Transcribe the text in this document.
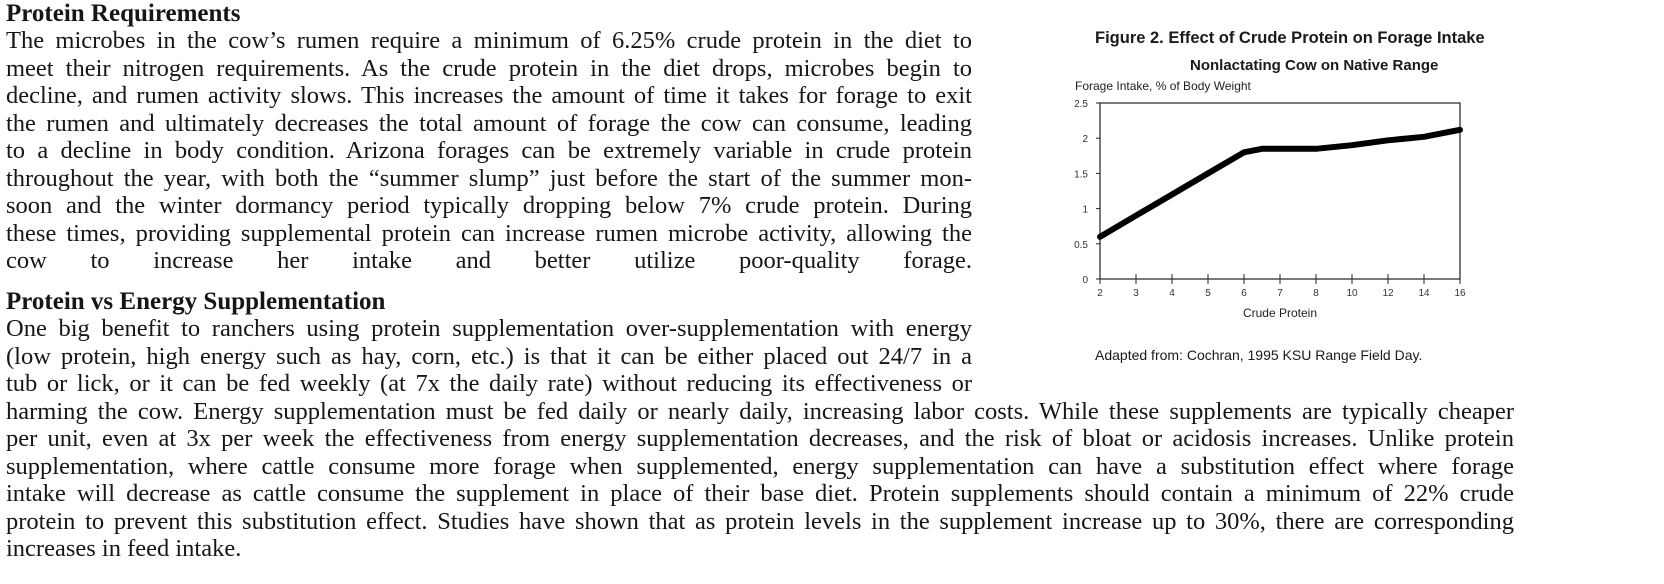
Protein Requirements
The microbes in the cow’s rumen require a minimum of 6.25% crude protein in the diet to
meet their nitrogen requirements. As the crude protein in the diet drops, microbes begin to
decline, and rumen activity slows. This increases the amount of time it takes for forage to exit
the rumen and ultimately decreases the total amount of forage the cow can consume, leading
to a decline in body condition. Arizona forages can be extremely variable in crude protein
throughout the year, with both the “summer slump” just before the start of the summer mon-
soon and the winter dormancy period typically dropping below 7% crude protein. During
these times, providing supplemental protein can increase rumen microbe activity, allowing the
cow to increase her intake and better utilize poor-quality forage.
Protein vs Energy Supplementation
One big benefit to ranchers using protein supplementation over-supplementation with energy
(low protein, high energy such as hay, corn, etc.) is that it can be either placed out 24/7 in a
tub or lick, or it can be fed weekly (at 7x the daily rate) without reducing its effectiveness or
harming the cow. Energy supplementation must be fed daily or nearly daily, increasing labor costs. While these supplements are typically cheaper
per unit, even at 3x per week the effectiveness from energy supplementation decreases, and the risk of bloat or acidosis increases. Unlike protein
supplementation, where cattle consume more forage when supplemented, energy supplementation can have a substitution effect where forage
intake will decrease as cattle consume the supplement in place of their base diet. Protein supplements should contain a minimum of 22% crude
protein to prevent this substitution effect. Studies have shown that as protein levels in the supplement increase up to 30%, there are corresponding
increases in feed intake.
Figure 2. Effect of Crude Protein on Forage Intake
Nonlactating Cow on Native Range
Forage Intake, % of Body Weight
0
0.5
1
1.5
2
2.5
2	3	4	5	6	7	8	10 12 14 16
Crude Protein
Adapted from: Cochran, 1995 KSU Range Field Day.
